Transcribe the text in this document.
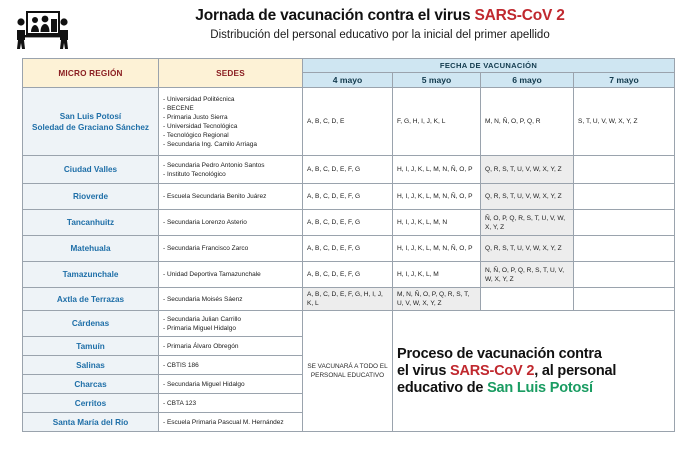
Jornada de vacunación contra el virus SARS-CoV 2
Distribución del personal educativo por la inicial del primer apellido
MICRO REGIÓN	SEDES	FECHA DE VACUNACIÓN			
		4 mayo	5 mayo	6 mayo	7 mayo
San Luis Potosí
Soledad de Graciano Sánchez	- Universidad Politécnica
- BECENE
- Primaria Justo Sierra
- Universidad Tecnológica
- Tecnológico Regional
- Secundaria Ing. Camilo Arriaga	A, B, C, D, E	F, G, H, I, J, K, L	M, N, Ñ, O, P, Q, R	S, T, U, V, W, X, Y, Z
Ciudad Valles	- Secundaria Pedro Antonio Santos
- Instituto Tecnológico	A, B, C, D, E, F, G	H, I, J, K, L, M, N, Ñ, O, P	Q, R, S, T, U, V, W, X, Y, Z	
Rioverde	- Escuela Secundaria Benito Juárez	A, B, C, D, E, F, G	H, I, J, K, L, M, N, Ñ, O, P	Q, R, S, T, U, V, W, X, Y, Z	
Tancanhuitz	- Secundaria Lorenzo Asterio	A, B, C, D, E, F, G	H, I, J, K, L, M, N	Ñ, O, P, Q, R, S, T, U, V, W, X, Y, Z	
Matehuala	- Secundaria Francisco Zarco	A, B, C, D, E, F, G	H, I, J, K, L, M, N, Ñ, O, P	Q, R, S, T, U, V, W, X, Y, Z	
Tamazunchale	- Unidad Deportiva Tamazunchale	A, B, C, D, E, F, G	H, I, J, K, L, M	N, Ñ, O, P, Q, R, S, T, U, V, W, X, Y, Z	
Axtla de Terrazas	- Secundaria Moisés Sáenz	A, B, C, D, E, F, G, H, I, J, K, L	M, N, Ñ, O, P, Q, R, S, T, U, V, W, X, Y, Z		
Cárdenas	- Secundaria Julian Carrillo
- Primaria Miguel Hidalgo	SE VACUNARÁ A TODO EL PERSONAL EDUCATIVO	Proceso de vacunación contra
el virus SARS-CoV 2, al personal
educativo de San Luis Potosí		

Tamuín	- Primaria Álvaro Obregón				
Salinas	- CBTIS 186				
Charcas	- Secundaria Miguel Hidalgo				
Cerritos	- CBTA 123				
Santa María del Río	- Escuela Primaria Pascual M. Hernández				
